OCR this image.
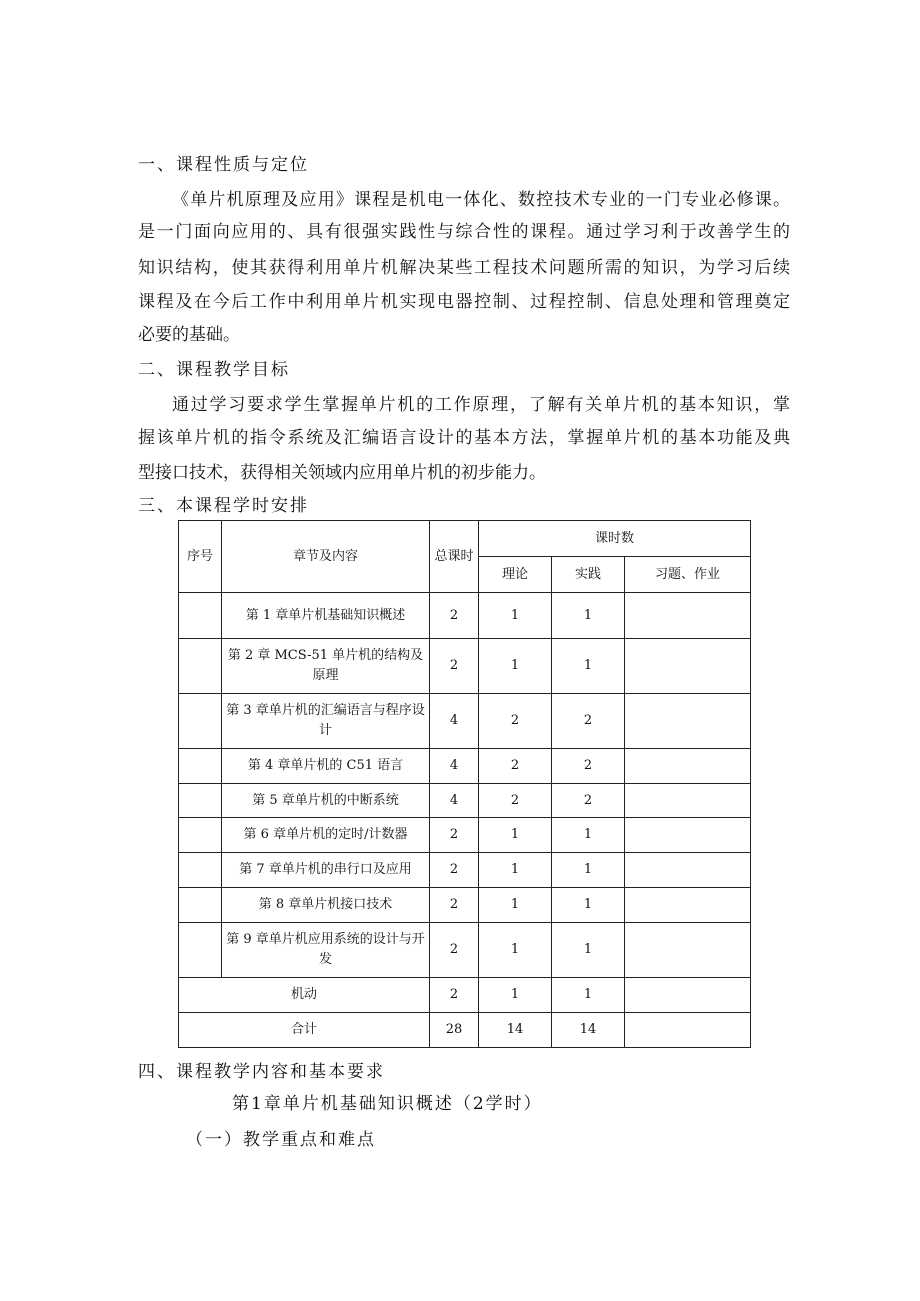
一、课程性质与定位
《单片机原理及应用》课程是机电一体化、数控技术专业的一门专业必修课。
是一门面向应用的、具有很强实践性与综合性的课程。通过学习利于改善学生的
知识结构，使其获得利用单片机解决某些工程技术问题所需的知识，为学习后续
课程及在今后工作中利用单片机实现电器控制、过程控制、信息处理和管理奠定
必要的基础。
二、课程教学目标
通过学习要求学生掌握单片机的工作原理，了解有关单片机的基本知识，掌
握该单片机的指令系统及汇编语言设计的基本方法，掌握单片机的基本功能及典
型接口技术，获得相关领域内应用单片机的初步能力。
三、本课程学时安排
序号	章节及内容	总课时	课时数		
			理论	实践	习题、作业
	第 1 章单片机基础知识概述	2	1	1	
	第 2 章 MCS-51 单片机的结构及原理	2	1	1	
	第 3 章单片机的汇编语言与程序设计	4	2	2	
	第 4 章单片机的 C51 语言	4	2	2	
	第 5 章单片机的中断系统	4	2	2	
	第 6 章单片机的定时/计数器	2	1	1	
	第 7 章单片机的串行口及应用	2	1	1	
	第 8 章单片机接口技术	2	1	1	
	第 9 章单片机应用系统的设计与开发	2	1	1	
机动		2	1	1	
合计		28	14	14	
四、课程教学内容和基本要求
第1章单片机基础知识概述（2学时）
（一）教学重点和难点
